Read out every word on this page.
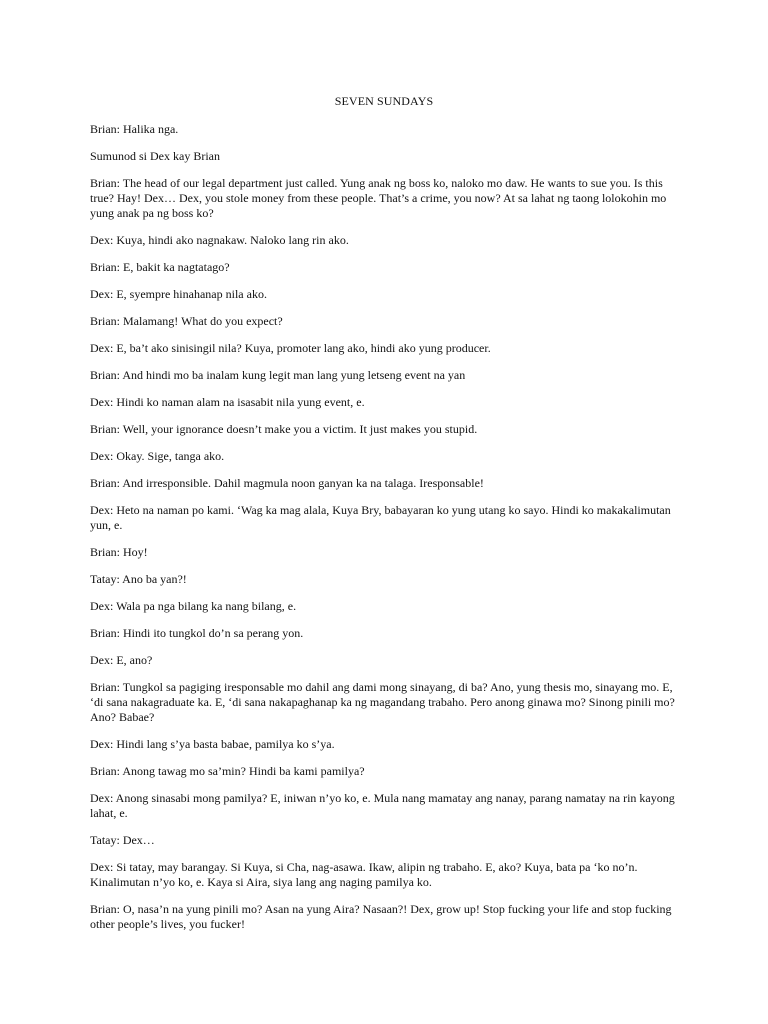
SEVEN SUNDAYS

Brian: Halika nga.

Sumunod si Dex kay Brian

Brian: The head of our legal department just called. Yung anak ng boss ko, naloko mo daw. He wants to sue you. Is this true? Hay! Dex… Dex, you stole money from these people. That’s a crime, you now? At sa lahat ng taong lolokohin mo yung anak pa ng boss ko?

Dex: Kuya, hindi ako nagnakaw. Naloko lang rin ako.

Brian: E, bakit ka nagtatago?

Dex: E, syempre hinahanap nila ako.

Brian: Malamang! What do you expect?

Dex: E, ba’t ako sinisingil nila? Kuya, promoter lang ako, hindi ako yung producer.

Brian: And hindi mo ba inalam kung legit man lang yung letseng event na yan

Dex: Hindi ko naman alam na isasabit nila yung event, e.

Brian: Well, your ignorance doesn’t make you a victim. It just makes you stupid.

Dex: Okay. Sige, tanga ako.

Brian: And irresponsible. Dahil magmula noon ganyan ka na talaga. Iresponsable!

Dex: Heto na naman po kami. ‘Wag ka mag alala, Kuya Bry, babayaran ko yung utang ko sayo. Hindi ko makakalimutan yun, e.

Brian: Hoy!

Tatay: Ano ba yan?!

Dex: Wala pa nga bilang ka nang bilang, e.

Brian: Hindi ito tungkol do’n sa perang yon.

Dex: E, ano?

Brian: Tungkol sa pagiging iresponsable mo dahil ang dami mong sinayang, di ba? Ano, yung thesis mo, sinayang mo. E, ‘di sana nakagraduate ka. E, ‘di sana nakapaghanap ka ng magandang trabaho. Pero anong ginawa mo? Sinong pinili mo? Ano? Babae?

Dex: Hindi lang s’ya basta babae, pamilya ko s’ya.

Brian: Anong tawag mo sa’min? Hindi ba kami pamilya?

Dex: Anong sinasabi mong pamilya? E, iniwan n’yo ko, e. Mula nang mamatay ang nanay, parang namatay na rin kayong lahat, e.

Tatay: Dex…

Dex: Si tatay, may barangay. Si Kuya, si Cha, nag-asawa. Ikaw, alipin ng trabaho. E, ako? Kuya, bata pa ‘ko no’n. Kinalimutan n’yo ko, e. Kaya si Aira, siya lang ang naging pamilya ko.

Brian: O, nasa’n na yung pinili mo? Asan na yung Aira? Nasaan?! Dex, grow up! Stop fucking your life and stop fucking other people’s lives, you fucker!
